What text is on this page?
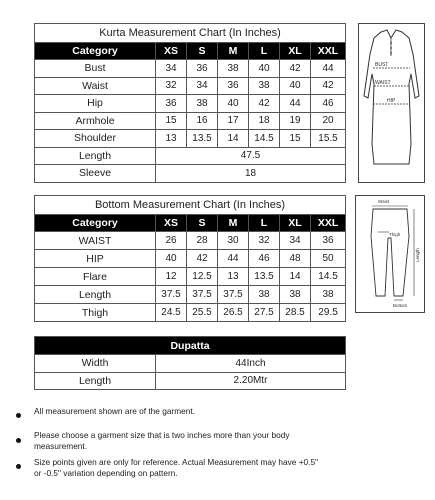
Kurta Measurement Chart (In Inches)						
Category	XS	S	M	L	XL	XXL
Bust	34	36	38	40	42	44
Waist	32	34	36	38	40	42
Hip	36	38	40	42	44	46
Armhole	15	16	17	18	19	20
Shoulder	13	13.5	14	14.5	15	15.5
Length	47.5					
Sleeve	18					
BUST
WAIST
HIP
Bottom Measurement Chart (In Inches)						
Category	XS	S	M	L	XL	XXL
WAIST	26	28	30	32	34	36
HIP	40	42	44	46	48	50
Flare	12	12.5	13	13.5	14	14.5
Length	37.5	37.5	37.5	38	38	38
Thigh	24.5	25.5	26.5	27.5	28.5	29.5
Waist
Thigh
Length
Bottom
Dupatta	
Width	44Inch
Length	2.20Mtr
All measurement shown are of the garment.
Please choose a garment size that is two inches more than your body measurement.
Size points given are only for reference. Actual Measurement may have +0.5" or -0.5" variation depending on pattern.
